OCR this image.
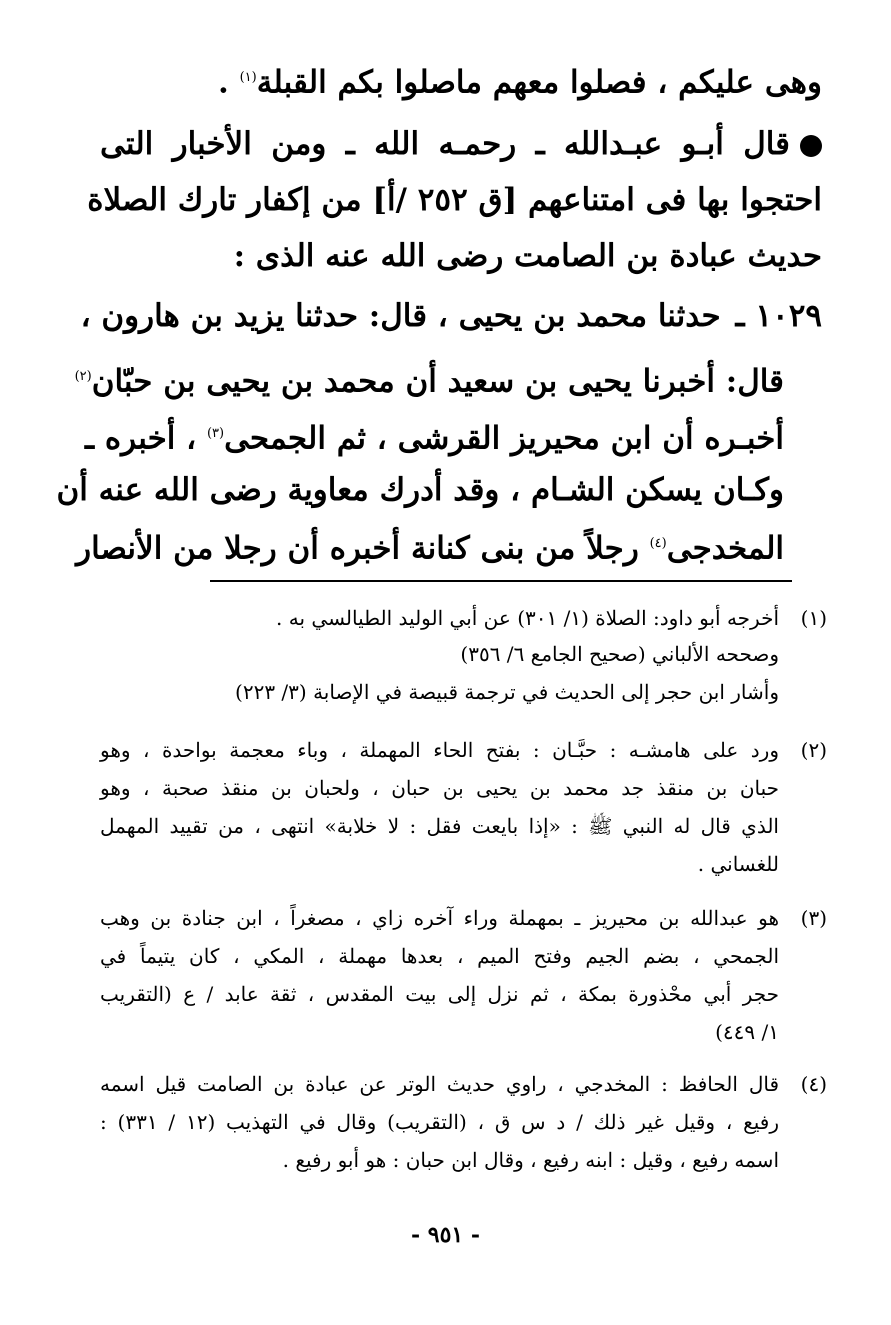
وهى عليكم ، فصلوا معهم ماصلوا بكم القبلة$^{(١)}$ .
قال أبـو عبـدالله ـ رحمـه الله ـ ومن الأخبار التى
احتجوا بها فى امتناعهم [ق ٢٥٢ /أ] من إكفار تارك الصلاة
حديث عبادة بن الصامت رضى الله عنه الذى :
١٠٢٩ ـ حدثنا محمد بن يحيى ، قال: حدثنا يزيد بن هارون ،
قال: أخبرنا يحيى بن سعيد أن محمد بن يحيى بن حبّان$^{(٢)}$
أخبـره أن ابن محيريز القرشى ، ثم الجمحى$^{(٣)}$ ، أخبره ـ
وكـان يسكن الشـام ، وقد أدرك معاوية رضى الله عنه أن
المخدجى$^{(٤)}$ رجلاً من بنى كنانة أخبره أن رجلا من الأنصار
(١)
أخرجه أبو داود: الصلاة (١/ ٣٠١) عن أبي الوليد الطيالسي به .
وصححه الألباني (صحيح الجامع ٦/ ٣٥٦)
وأشار ابن حجر إلى الحديث في ترجمة قبيصة في الإصابة (٣/ ٢٢٣)
(٢)
ورد على هامشـه : حبَّـان : بفتح الحاء المهملة ، وباء معجمة بواحدة ، وهو
حبان بن منقذ جد محمد بن يحيى بن حبان ، ولحبان بن منقذ صحبة ، وهو
الذي قال له النبي ﷺ : «إذا بايعت فقل : لا خلابة» انتهى ، من تقييد المهمل
للغساني .
(٣)
هو عبدالله بن محيريز ـ بمهملة وراء آخره زاي ، مصغراً ، ابن جنادة بن وهب
الجمحي ، بضم الجيم وفتح الميم ، بعدها مهملة ، المكي ، كان يتيماً في
حجر أبي محْذورة بمكة ، ثم نزل إلى بيت المقدس ، ثقة عابد / ع (التقريب
١/ ٤٤٩)
(٤)
قال الحافظ : المخدجي ، راوي حديث الوتر عن عبادة بن الصامت قيل اسمه
رفيع ، وقيل غير ذلك / د س ق ، (التقريب) وقال في التهذيب (١٢ / ٣٣١) :
اسمه رفيع ، وقيل : ابنه رفيع ، وقال ابن حبان : هو أبو رفيع .
- ٩٥١ -
